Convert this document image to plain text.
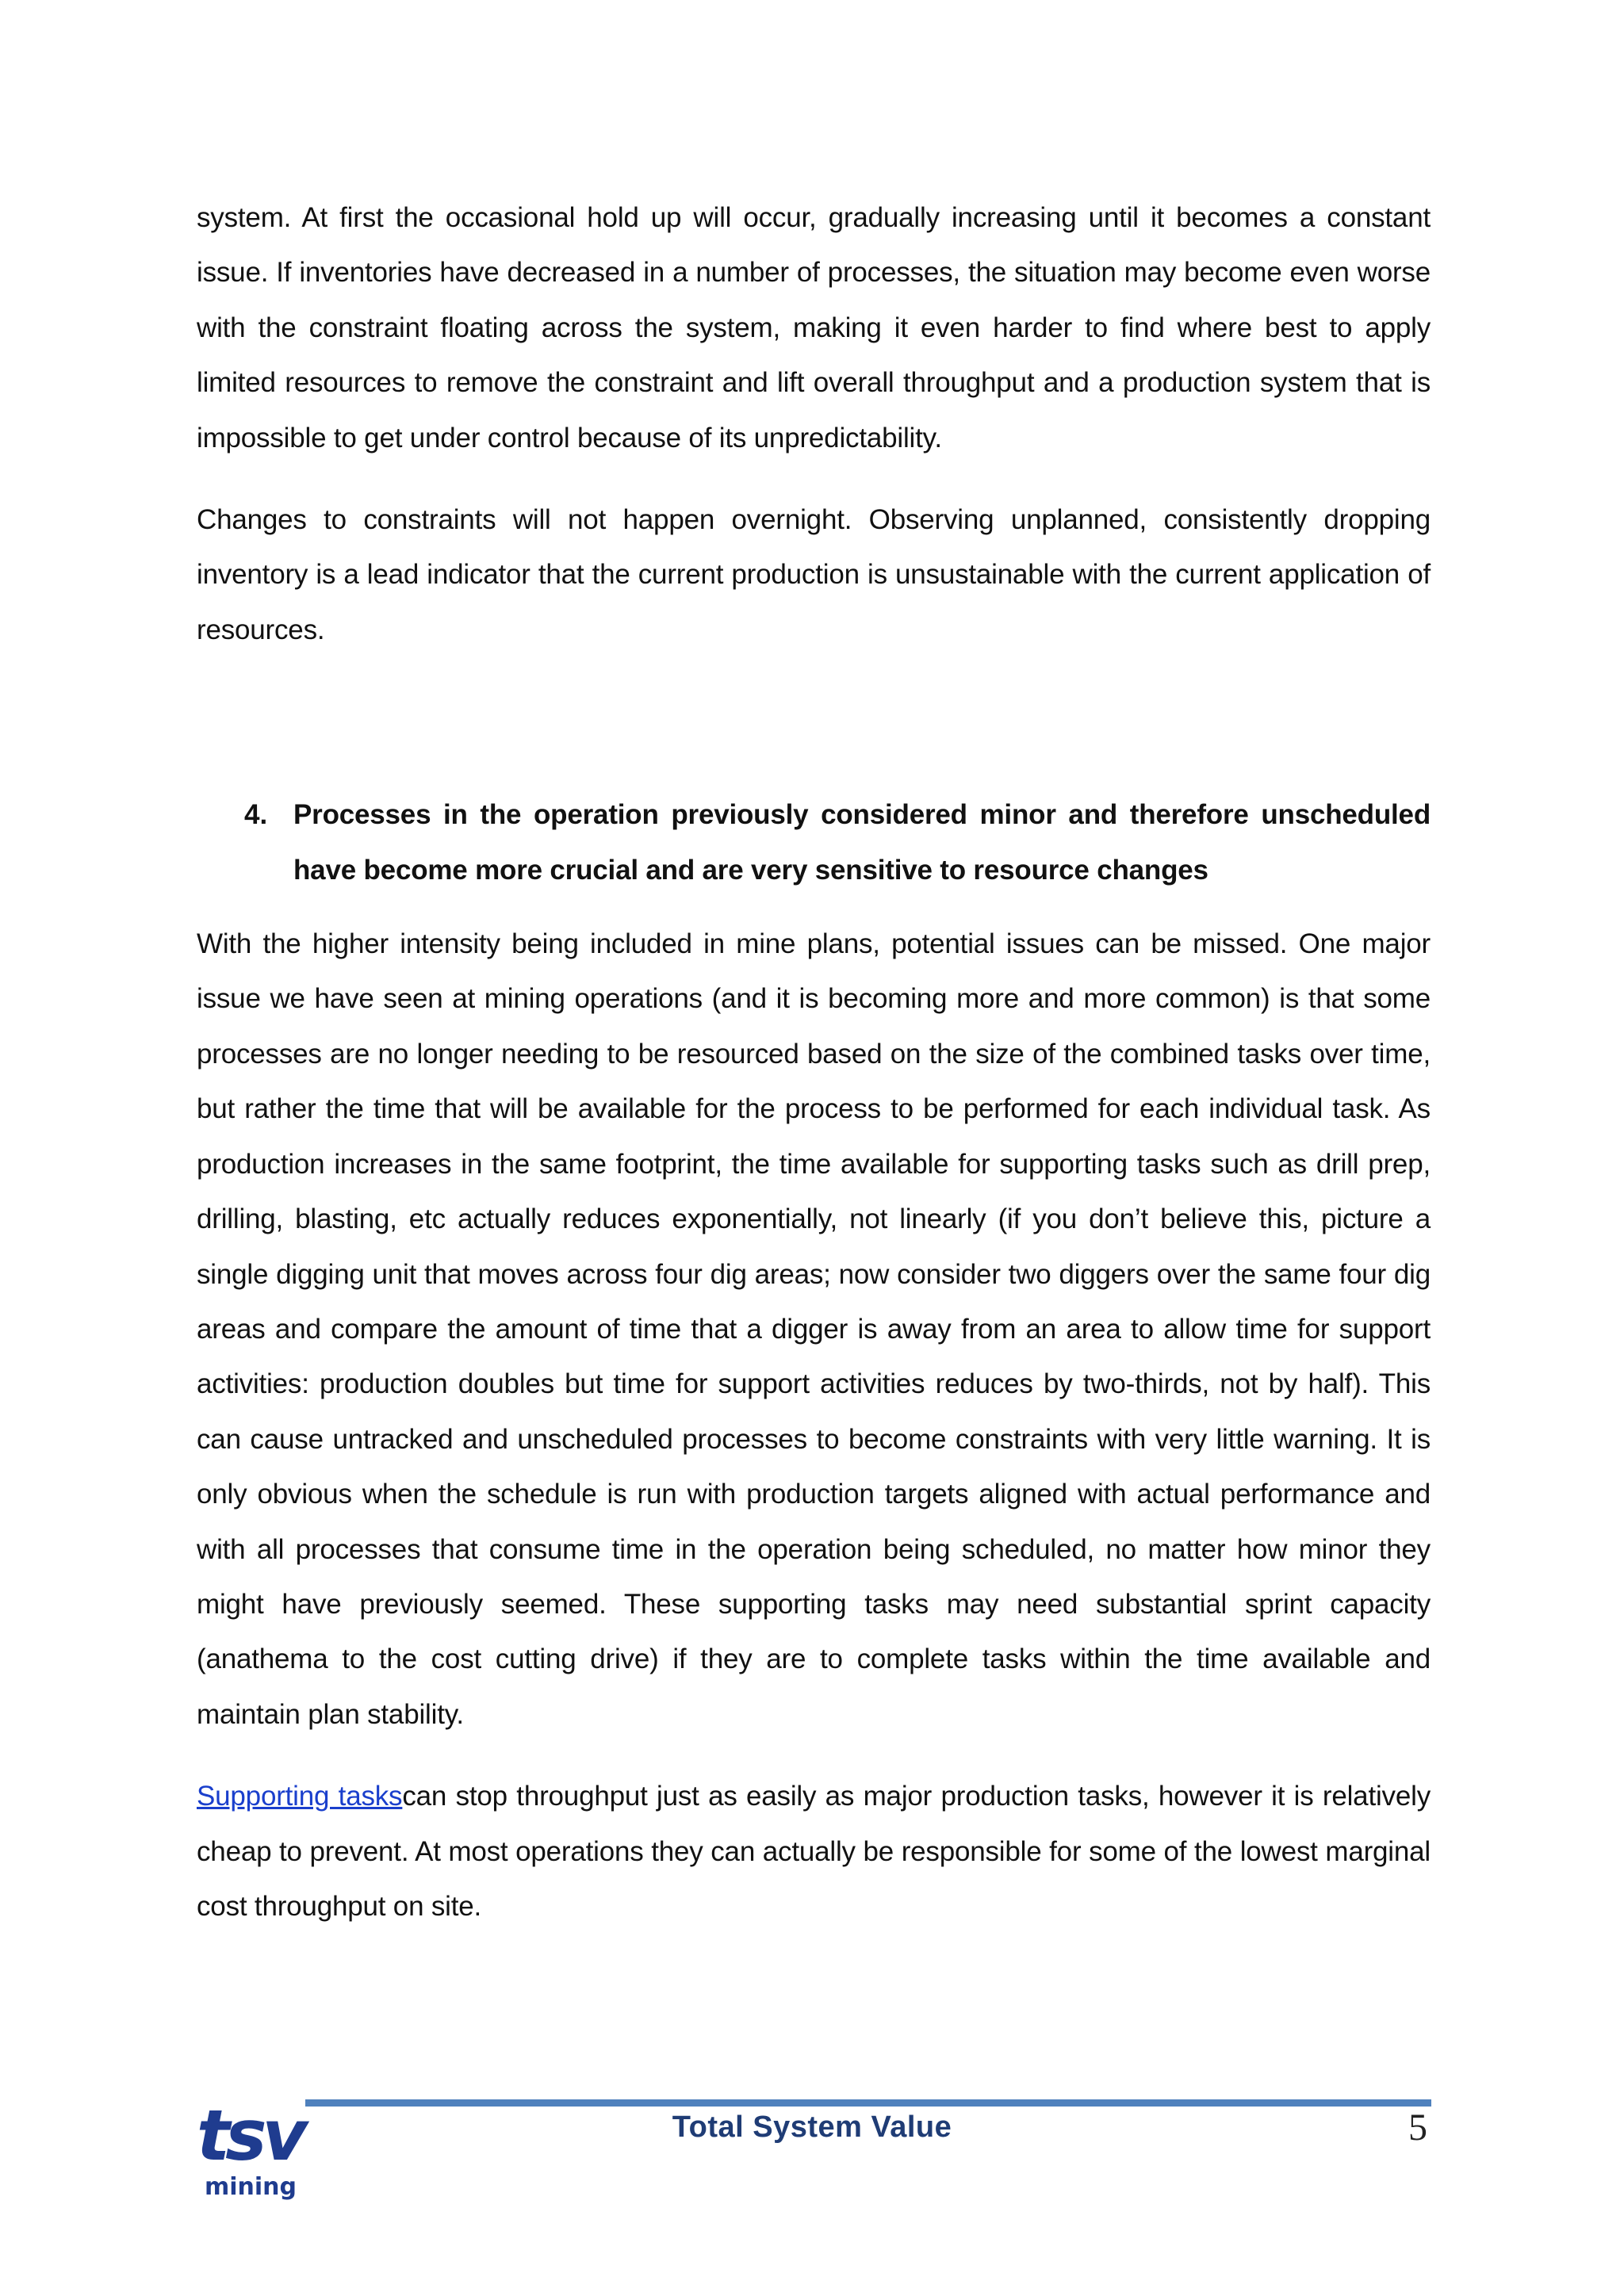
system. At first the occasional hold up will occur, gradually increasing until it becomes a constant issue. If inventories have decreased in a number of processes, the situation may become even worse with the constraint floating across the system, making it even harder to find where best to apply limited resources to remove the constraint and lift overall throughput and a production system that is impossible to get under control because of its unpredictability.

Changes to constraints will not happen overnight. Observing unplanned, consistently dropping inventory is a lead indicator that the current production is unsustainable with the current application of resources.

4. Processes in the operation previously considered minor and therefore unscheduled have become more crucial and are very sensitive to resource changes

With the higher intensity being included in mine plans, potential issues can be missed. One major issue we have seen at mining operations (and it is becoming more and more common) is that some processes are no longer needing to be resourced based on the size of the combined tasks over time, but rather the time that will be available for the process to be performed for each individual task. As production increases in the same footprint, the time available for supporting tasks such as drill prep, drilling, blasting, etc actually reduces exponentially, not linearly (if you don’t believe this, picture a single digging unit that moves across four dig areas; now consider two diggers over the same four dig areas and compare the amount of time that a digger is away from an area to allow time for support activities: production doubles but time for support activities reduces by two-thirds, not by half). This can cause untracked and unscheduled processes to become constraints with very little warning. It is only obvious when the schedule is run with production targets aligned with actual performance and with all processes that consume time in the operation being scheduled, no matter how minor they might have previously seemed. These supporting tasks may need substantial sprint capacity (anathema to the cost cutting drive) if they are to complete tasks within the time available and maintain plan stability.

Supporting taskscan stop throughput just as easily as major production tasks, however it is relatively cheap to prevent. At most operations they can actually be responsible for some of the lowest marginal cost throughput on site.

tsv
mining
Total System Value	5
